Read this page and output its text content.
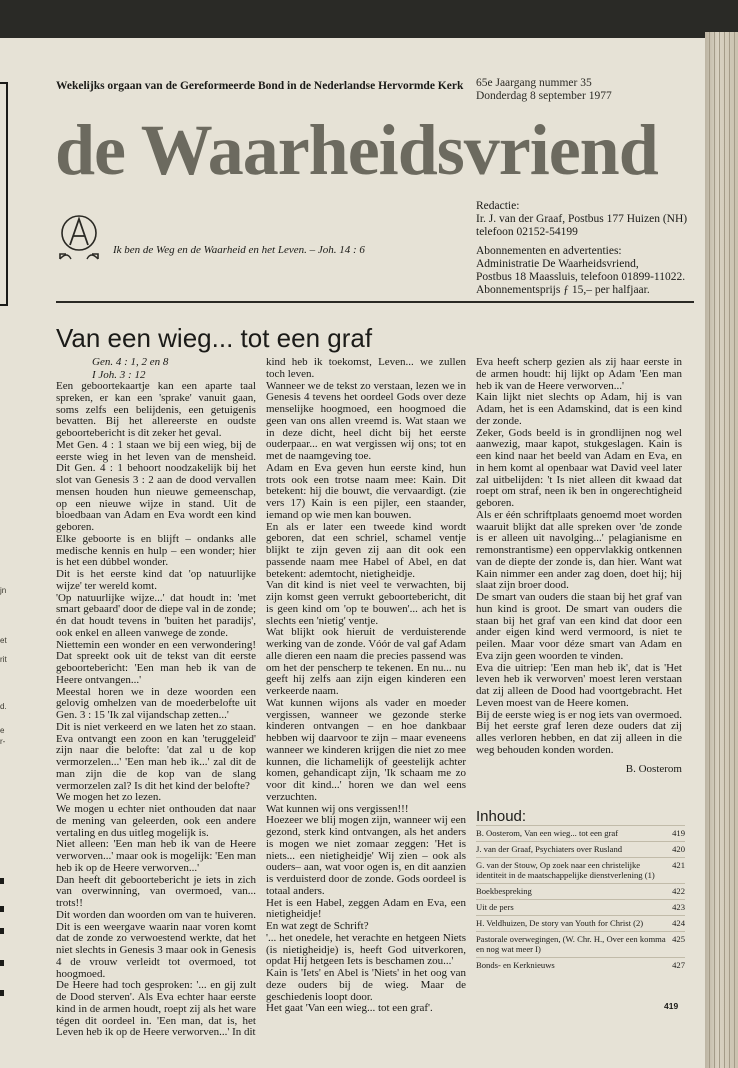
jn
et
rit
d.
e
r-
Wekelijks orgaan van de Gereformeerde Bond in de Nederlandse Hervormde Kerk 65e Jaargang nummer 35
Donderdag 8 september 1977
de Waarheidsvriend
Ik ben de Weg en de Waarheid en het Leven. – Joh. 14 : 6
Redactie:
Ir. J. van der Graaf, Postbus 177 Huizen (NH)
telefoon 02152-54199
Abonnementen en advertenties:
Administratie De Waarheidsvriend,
Postbus 18 Maassluis, telefoon 01899-11022.
Abonnementsprijs ƒ 15,– per halfjaar.
Van een wieg... tot een graf
Gen. 4 : 1, 2 en 8
I Joh. 3 : 12

Een geboortekaartje kan een aparte taal spreken, er kan een 'sprake' vanuit gaan, soms zelfs een belijdenis, een getuigenis bevatten. Bij het allereerste en oudste geboortebericht is dit zeker het geval.

Met Gen. 4 : 1 staan we bij een wieg, bij de eerste wieg in het leven van de mensheid. Dit Gen. 4 : 1 behoort noodzakelijk bij het slot van Genesis 3 : 2 aan de dood vervallen mensen houden hun nieuwe gemeenschap, op een nieuwe wijze in stand. Uit de bloedbaan van Adam en Eva wordt een kind geboren.

Elke geboorte is en blijft – ondanks alle medische kennis en hulp – een wonder; hier is het een dúbbel wonder.

Dit is het eerste kind dat 'op natuurlijke wijze' ter wereld komt.

'Op natuurlijke wijze...' dat houdt in: 'met smart gebaard' door de diepe val in de zonde; én dat houdt tevens in 'buiten het paradijs', ook enkel en alleen vanwege de zonde.

Niettemin een wonder en een verwondering! Dat spreekt ook uit de tekst van dit eerste geboortebericht: 'Een man heb ik van de Heere ontvangen...'

Meestal horen we in deze woorden een gelovig omhelzen van de moederbelofte uit Gen. 3 : 15 'Ik zal vijandschap zetten...'

Dit is niet verkeerd en we laten het zo staan. Eva ontvangt een zoon en kan 'teruggeleid' zijn naar die belofte: 'dat zal u de kop vermorzelen...' 'Een man heb ik...' zal dit de man zijn die de kop van de slang vermorzelen zal? Is dit het kind der belofte?

We mogen het zo lezen.

We mogen u echter niet onthouden dat naar de mening van geleerden, ook een andere vertaling en dus uitleg mogelijk is.

Niet alleen: 'Een man heb ik van de Heere verworven...' maar ook is mogelijk: 'Een man heb ik op de Heere verworven...'

Dan heeft dit geboortebericht je iets in zich van overwinning, van overmoed, van... trots!!

Dit worden dan woorden om van te huiveren. Dit is een weergave waarin naar voren komt dat de zonde zo verwoestend werkte, dat het niet slechts in Genesis 3 maar ook in Genesis 4 de vrouw verleidt tot overmoed, tot hoogmoed.

De Heere had toch gesproken: '... en gij zult de Dood sterven'. Als Eva echter haar eerste kind in de armen houdt, roept zij als het ware tégen dit oordeel in. 'Een man, dat is, het Leven heb ik op de Heere verworven...' In dit

kind heb ik toekomst, Leven... we zullen toch leven.

Wanneer we de tekst zo verstaan, lezen we in Genesis 4 tevens het oordeel Gods over deze menselijke hoogmoed, een hoogmoed die geen van ons allen vreemd is. Wat staan we in deze dicht, heel dicht bij het eerste ouderpaar... en wat vergissen wij ons; tot en met de naamgeving toe.

Adam en Eva geven hun eerste kind, hun trots ook een trotse naam mee: Kain. Dit betekent: hij die bouwt, die vervaardigt. (zie vers 17) Kain is een pijler, een staander, iemand op wie men kan bouwen.

En als er later een tweede kind wordt geboren, dat een schriel, schamel ventje blijkt te zijn geven zij aan dit ook een passende naam mee Habel of Abel, en dat betekent: ademtocht, nietigheidje.

Van dit kind is niet veel te verwachten, bij zijn komst geen verrukt geboortebericht, dit is geen kind om 'op te bouwen'... ach het is slechts een 'nietig' ventje.

Wat blijkt ook hieruit de verduisterende werking van de zonde. Vóór de val gaf Adam alle dieren een naam die precies passend was om het der penscherp te tekenen. En nu... nu geeft hij zelfs aan zijn eigen kinderen een verkeerde naam.

Wat kunnen wijons als vader en moeder vergissen, wanneer we gezonde sterke kinderen ontvangen – en hoe dankbaar hebben wij daarvoor te zijn – maar eveneens wanneer we kinderen krijgen die niet zo mee kunnen, die lichamelijk of geestelijk achter komen, gehandicapt zijn, 'Ik schaam me zo voor dit kind...' horen we dan wel eens verzuchten.

Wat kunnen wij ons vergissen!!!

Hoezeer we blij mogen zijn, wanneer wij een gezond, sterk kind ontvangen, als het anders is mogen we niet zomaar zeggen: 'Het is niets... een nietigheidje' Wij zien – ook als ouders– aan, wat voor ogen is, en dit aanzien is verduisterd door de zonde. Gods oordeel is totaal anders.

Het is een Habel, zeggen Adam en Eva, een nietigheidje!

En wat zegt de Schrift?

'... het onedele, het verachte en hetgeen Niets (is nietigheidje) is, heeft God uitverkoren, opdat Hij hetgeen Iets is beschamen zou...'

Kain is 'Iets' en Abel is 'Niets' in het oog van deze ouders bij de wieg. Maar de geschiedenis loopt door.

Het gaat 'Van een wieg... tot een graf'.

Eva heeft scherp gezien als zij haar eerste in de armen houdt: hij lijkt op Adam 'Een man heb ik van de Heere verworven...'

Kain lijkt niet slechts op Adam, hij is van Adam, het is een Adamskind, dat is een kind der zonde.

Zeker, Gods beeld is in grondlijnen nog wel aanwezig, maar kapot, stukgeslagen. Kain is een kind naar het beeld van Adam en Eva, en in hem komt al openbaar wat David veel later zal uitbelijden: 't Is niet alleen dit kwaad dat roept om straf, neen ik ben in ongerechtigheid geboren.

Als er één schriftplaats genoemd moet worden waaruit blijkt dat alle spreken over 'de zonde is er alleen uit navolging...' pelagianisme en remonstrantisme) een oppervlakkig ontkennen van de diepte der zonde is, dan hier. Want wat Kain nimmer een ander zag doen, doet hij; hij slaat zijn broer dood.

De smart van ouders die staan bij het graf van hun kind is groot. De smart van ouders die staan bij het graf van een kind dat door een ander eigen kind werd vermoord, is niet te peilen. Maar voor déze smart van Adam en Eva zijn geen woorden te vinden.

Eva die uitriep: 'Een man heb ik', dat is 'Het leven heb ik verworven' moest leren verstaan dat zij alleen de Dood had voortgebracht. Het Leven moest van de Heere komen.

Bij de eerste wieg is er nog iets van overmoed. Bij het eerste graf leren deze ouders dat zij alles verloren hebben, en dat zij alleen in die weg behouden konden worden.

B. Oosterom
Inhoud:
419
B. Oosterom, Van een wieg... tot een graf
420
J. van der Graaf, Psychiaters over Rusland
421
G. van der Stouw, Op zoek naar een christelijke identiteit in de maatschappelijke dienstverlening (1)
422
Boekbespreking
423
Uit de pers
424
H. Veldhuizen, De story van Youth for Christ (2)
425
Pastorale overwegingen, (W. Chr. H., Over een komma en nog wat meer I)
427
Bonds- en Kerknieuws
419
